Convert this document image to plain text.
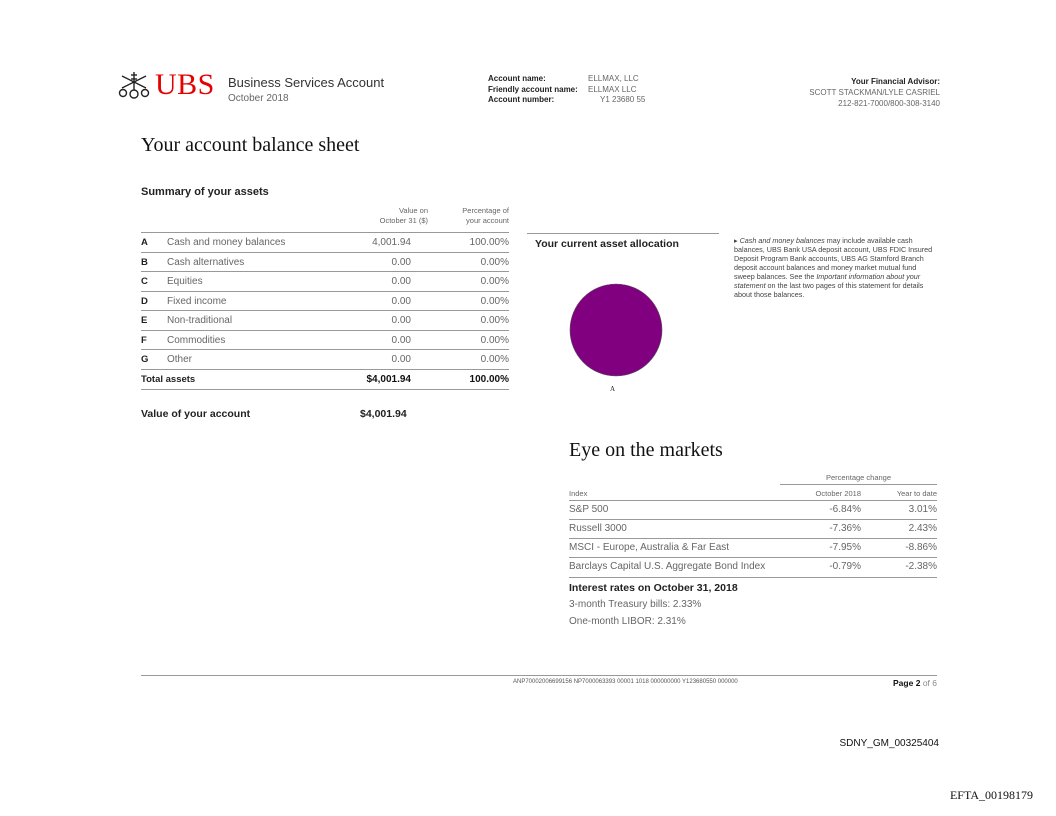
UBS Business Services Account
October 2018
Account name:	ELLMAX, LLC
Friendly account name: ELLMAX LLC
Account number:	Y1 23680 55
Your Financial Advisor:
SCOTT STACKMAN/LYLE CASRIEL
212-821-7000/800-308-3140
Your account balance sheet
Summary of your assets
Value on
October 31 ($)
Percentage of
your account
A Cash and money balances	4,001.94	100.00%
B Cash alternatives	0.00	0.00%
C Equities	0.00	0.00%
D Fixed income	0.00	0.00%
E Non-traditional	0.00	0.00%
F Commodities	0.00	0.00%
G Other	0.00	0.00%
Total assets	$4,001.94	100.00%
Value of your account	$4,001.94
Your current asset allocation
A
▸ Cash and money balances may include available cash balances, UBS Bank USA deposit account, UBS FDIC Insured Deposit Program Bank accounts, UBS AG Stamford Branch deposit account balances and money market mutual fund sweep balances. See the Important information about your statement on the last two pages of this statement for details about those balances.
Eye on the markets
Percentage change
Index	October 2018	Year to date
S&P 500	-6.84%	3.01%
Russell 3000	-7.36%	2.43%
MSCI - Europe, Australia & Far East	-7.95%	-8.86%
Barclays Capital U.S. Aggregate Bond Index	-0.79%	-2.38%
Interest rates on October 31, 2018
3-month Treasury bills: 2.33%
One-month LIBOR: 2.31%
ANP70002006699156 NP7000063393 00001 1018 000000000 Y123680550 000000	Page 2 of 6
SDNY_GM_00325404
EFTA_00198179
